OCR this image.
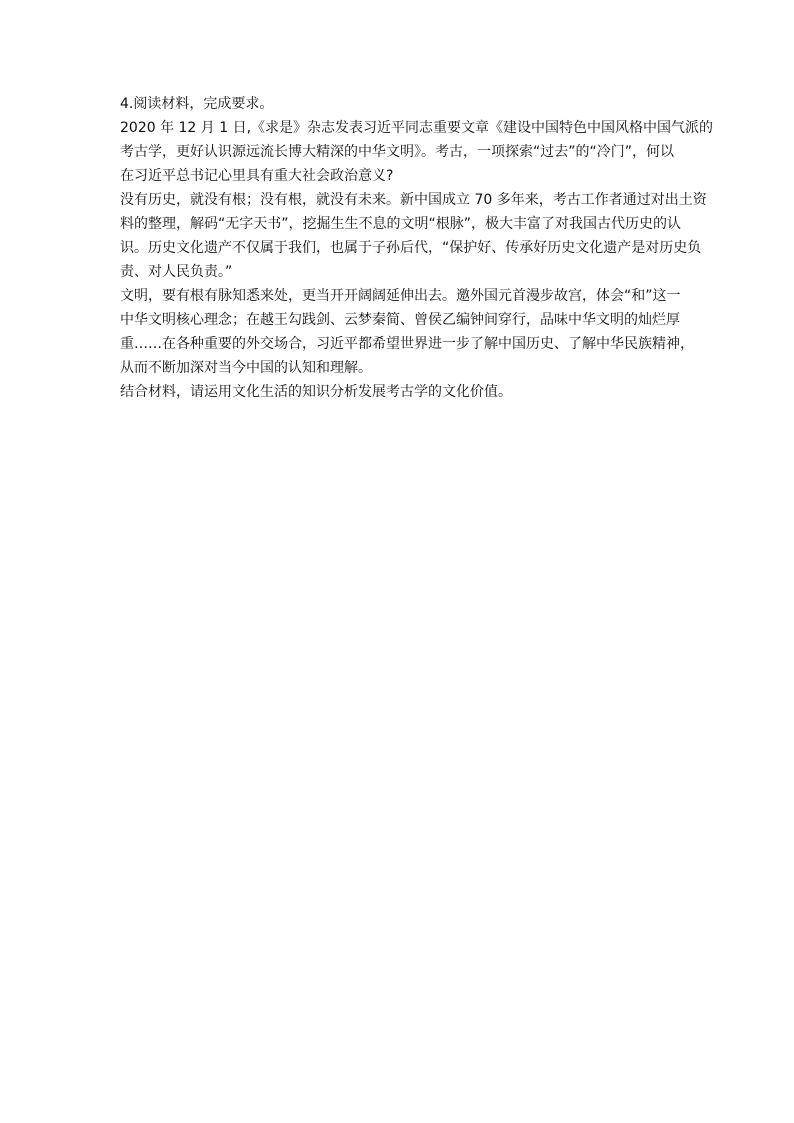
4.阅读材料，完成要求。
2020 年 12 月 1 日,《求是》杂志发表习近平同志重要文章《建设中国特色中国风格中国气派的
考古学，更好认识源远流长博大精深的中华文明》。考古，一项探索“过去”的“冷门”，何以
在习近平总书记心里具有重大社会政治意义?
没有历史，就没有根；没有根，就没有未来。新中国成立 70 多年来，考古工作者通过对出土资
料的整理，解码“无字天书”，挖掘生生不息的文明“根脉”，极大丰富了对我国古代历史的认
识。历史文化遗产不仅属于我们，也属于子孙后代，“保护好、传承好历史文化遗产是对历史负
责、对人民负责。”
文明，要有根有脉知悉来处，更当开开阔阔延伸出去。邀外国元首漫步故宫，体会“和”这一
中华文明核心理念；在越王勾践剑、云梦秦简、曾侯乙编钟间穿行，品味中华文明的灿烂厚
重……在各种重要的外交场合，习近平都希望世界进一步了解中国历史、了解中华民族精神，
从而不断加深对当今中国的认知和理解。
结合材料，请运用文化生活的知识分析发展考古学的文化价值。
